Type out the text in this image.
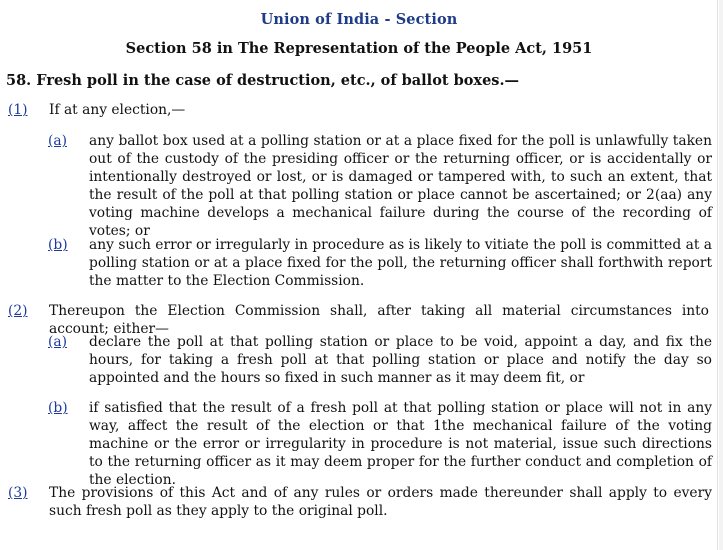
Union of India - Section
Section 58 in The Representation of the People Act, 1951
58. Fresh poll in the case of destruction, etc., of ballot boxes.—
(1) If at any election,—
(a) any ballot box used at a polling station or at a place fixed for the poll is unlawfully taken out of the custody of the presiding officer or the returning officer, or is accidentally or intentionally destroyed or lost, or is damaged or tampered with, to such an extent, that the result of the poll at that polling station or place cannot be ascertained; or 2(aa) any voting machine develops a mechanical failure during the course of the recording of votes; or
(b) any such error or irregularly in procedure as is likely to vitiate the poll is committed at a polling station or at a place fixed for the poll, the returning officer shall forthwith report the matter to the Election Commission.
(2) Thereupon the Election Commission shall, after taking all material circumstances into account; either—
(a) declare the poll at that polling station or place to be void, appoint a day, and fix the hours, for taking a fresh poll at that polling station or place and notify the day so appointed and the hours so fixed in such manner as it may deem fit, or
(b) if satisfied that the result of a fresh poll at that polling station or place will not in any way, affect the result of the election or that 1the mechanical failure of the voting machine or the error or irregularity in procedure is not material, issue such directions to the returning officer as it may deem proper for the further conduct and completion of the election.
(3) The provisions of this Act and of any rules or orders made thereunder shall apply to every such fresh poll as they apply to the original poll.
